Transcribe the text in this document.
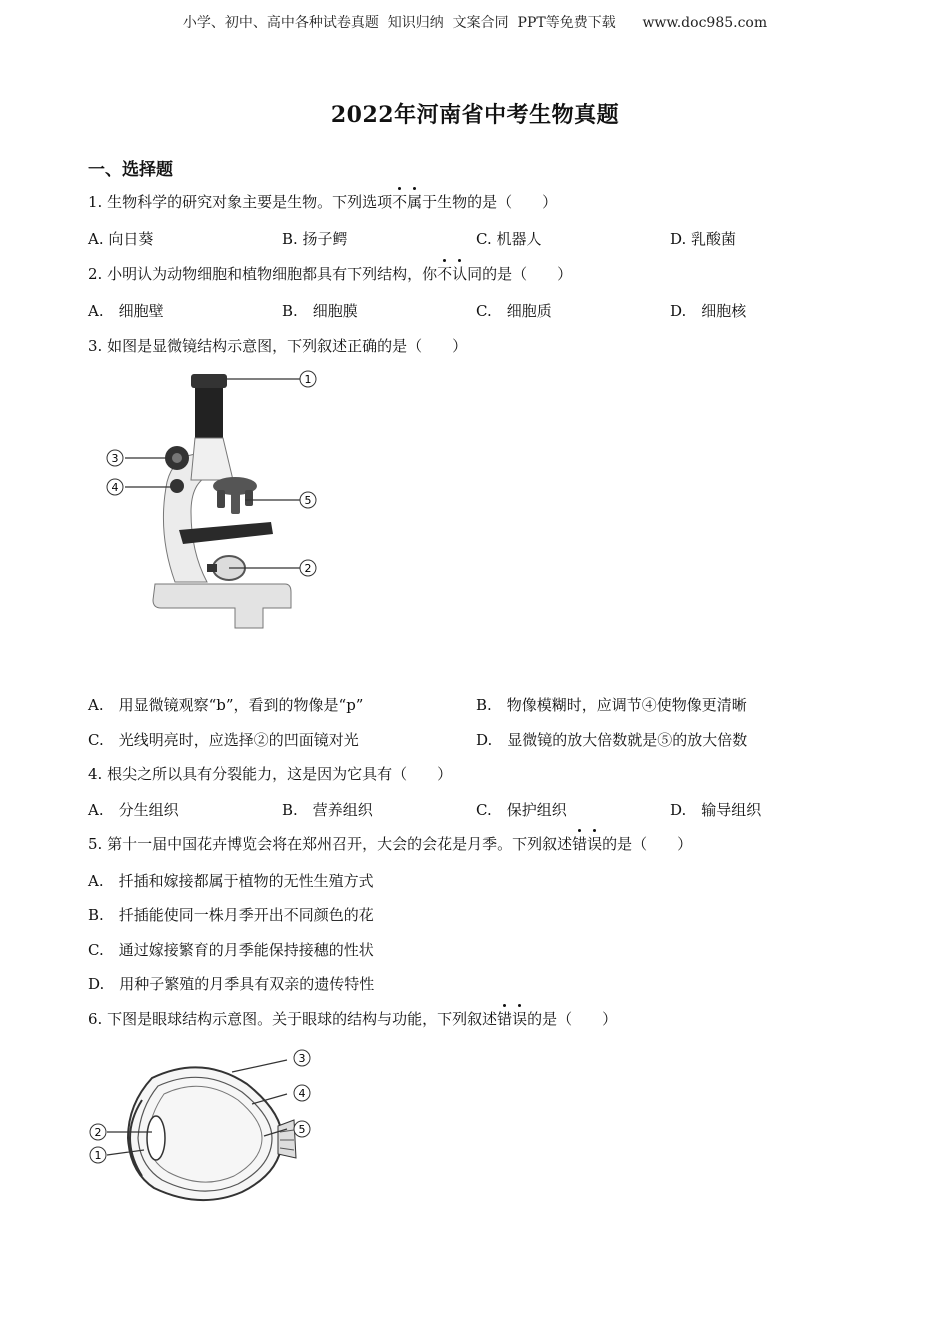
小学、初中、高中各种试卷真题  知识归纳  文案合同  PPT等免费下载      www.doc985.com
2022年河南省中考生物真题
一、选择题
1. 生物科学的研究对象主要是生物。下列选项不属于生物的是（　　）
A. 向日葵	B. 扬子鳄	C. 机器人	D. 乳酸菌
2. 小明认为动物细胞和植物细胞都具有下列结构，你不认同的是（　　）
A.　细胞壁	B.　细胞膜	C.　细胞质	D.　细胞核
3. 如图是显微镜结构示意图，下列叙述正确的是（　　）
1
2
3
4
5
A.　用显微镜观察“b”，看到的物像是“p”	B.　物像模糊时，应调节④使物像更清晰
C.　光线明亮时，应选择②的凹面镜对光	D.　显微镜的放大倍数就是⑤的放大倍数
4. 根尖之所以具有分裂能力，这是因为它具有（　　）
A.　分生组织	B.　营养组织	C.　保护组织	D.　输导组织
5. 第十一届中国花卉博览会将在郑州召开，大会的会花是月季。下列叙述错误的是（　　）
A.　扦插和嫁接都属于植物的无性生殖方式
B.　扦插能使同一株月季开出不同颜色的花
C.　通过嫁接繁育的月季能保持接穗的性状
D.　用种子繁殖的月季具有双亲的遗传特性
6. 下图是眼球结构示意图。关于眼球的结构与功能，下列叙述错误的是（　　）
3
4
5
2
1
